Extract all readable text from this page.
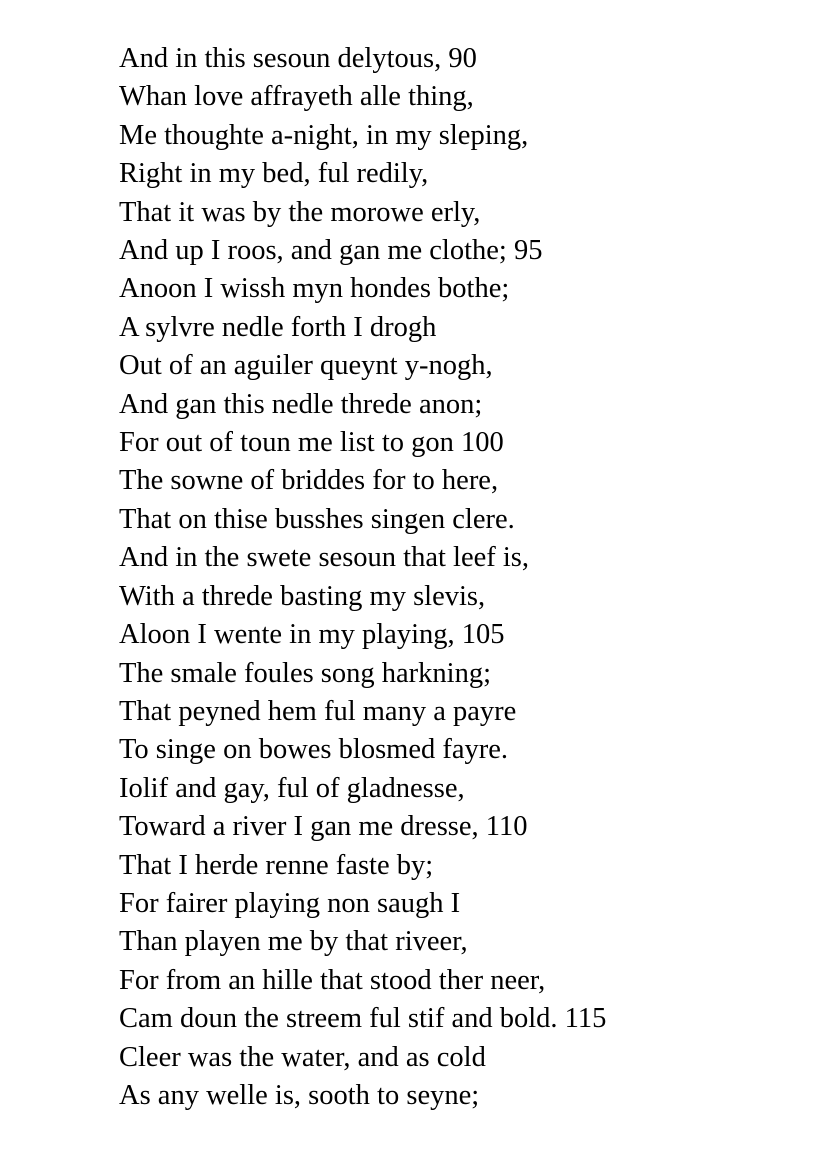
And in this sesoun delytous, 90
Whan love affrayeth alle thing,
Me thoughte a-night, in my sleping,
Right in my bed, ful redily,
That it was by the morowe erly,
And up I roos, and gan me clothe; 95
Anoon I wissh myn hondes bothe;
A sylvre nedle forth I drogh
Out of an aguiler queynt y-nogh,
And gan this nedle threde anon;
For out of toun me list to gon 100
The sowne of briddes for to here,
That on thise busshes singen clere.
And in the swete sesoun that leef is,
With a threde basting my slevis,
Aloon I wente in my playing, 105
The smale foules song harkning;
That peyned hem ful many a payre
To singe on bowes blosmed fayre.
Iolif and gay, ful of gladnesse,
Toward a river I gan me dresse, 110
That I herde renne faste by;
For fairer playing non saugh I
Than playen me by that riveer,
For from an hille that stood ther neer,
Cam doun the streem ful stif and bold. 115
Cleer was the water, and as cold
As any welle is, sooth to seyne;
